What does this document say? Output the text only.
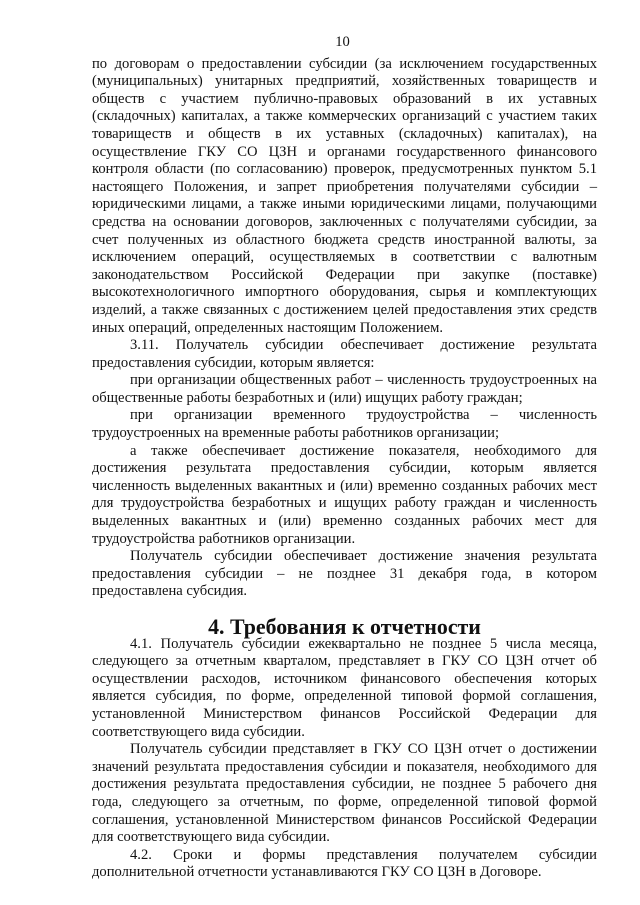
10

по договорам о предоставлении субсидии (за исключением государственных (муниципальных) унитарных предприятий, хозяйственных товариществ и обществ с участием публично-правовых образований в их уставных (складочных) капиталах, а также коммерческих организаций с участием таких товариществ и обществ в их уставных (складочных) капиталах), на осуществление ГКУ СО ЦЗН и органами государственного финансового контроля области (по согласованию) проверок, предусмотренных пунктом 5.1 настоящего Положения, и запрет приобретения получателями субсидии – юридическими лицами, а также иными юридическими лицами, получающими средства на основании договоров, заключенных с получателями субсидии, за счет полученных из областного бюджета средств иностранной валюты, за исключением операций, осуществляемых в соответствии с валютным законодательством Российской Федерации при закупке (поставке) высокотехнологичного импортного оборудования, сырья и комплектующих изделий, а также связанных с достижением целей предоставления этих средств иных операций, определенных настоящим Положением.

3.11. Получатель субсидии обеспечивает достижение результата предоставления субсидии, которым является:

при организации общественных работ – численность трудоустроенных на общественные работы безработных и (или) ищущих работу граждан;

при организации временного трудоустройства – численность трудоустроенных на временные работы работников организации;

а также обеспечивает достижение показателя, необходимого для достижения результата предоставления субсидии, которым является численность выделенных вакантных и (или) временно созданных рабочих мест для трудоустройства безработных и ищущих работу граждан и численность выделенных вакантных и (или) временно созданных рабочих мест для трудоустройства работников организации.

Получатель субсидии обеспечивает достижение значения результата предоставления субсидии – не позднее 31 декабря года, в котором предоставлена субсидия.

4. Требования к отчетности

4.1. Получатель субсидии ежеквартально не позднее 5 числа месяца, следующего за отчетным кварталом, представляет в ГКУ СО ЦЗН отчет об осуществлении расходов, источником финансового обеспечения которых является субсидия, по форме, определенной типовой формой соглашения, установленной Министерством финансов Российской Федерации для соответствующего вида субсидии.

Получатель субсидии представляет в ГКУ СО ЦЗН отчет о достижении значений результата предоставления субсидии и показателя, необходимого для достижения результата предоставления субсидии, не позднее 5 рабочего дня года, следующего за отчетным, по форме, определенной типовой формой соглашения, установленной Министерством финансов Российской Федерации для соответствующего вида субсидии.

4.2. Сроки и формы представления получателем субсидии дополнительной отчетности устанавливаются ГКУ СО ЦЗН в Договоре.
